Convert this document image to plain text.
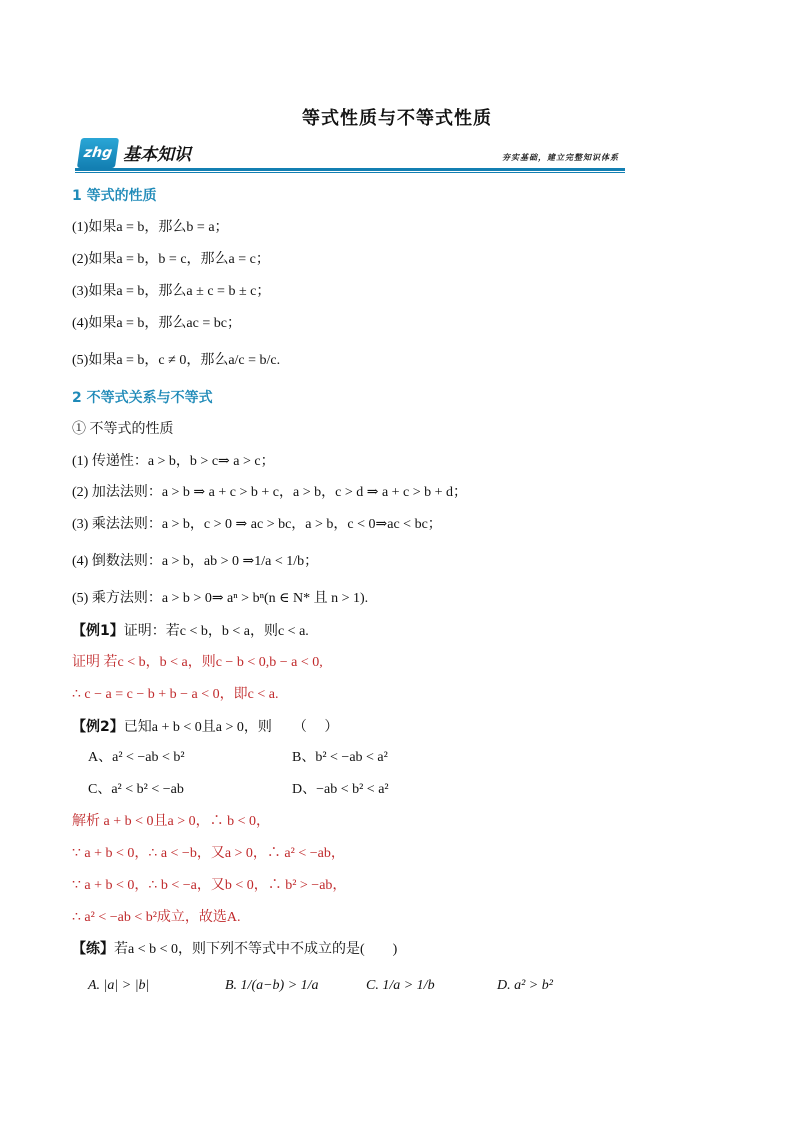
等式性质与不等式性质
zhg 基本知识	夯实基础，建立完整知识体系
1 等式的性质
(1)如果a = b，那么b = a；
(2)如果a = b，b = c，那么a = c；
(3)如果a = b，那么a ± c = b ± c；
(4)如果a = b，那么ac = bc；
(5)如果a = b，c ≠ 0，那么a/c = b/c.
2 不等式关系与不等式
① 不等式的性质
(1) 传递性：a > b，b > c⇒ a > c；
(2) 加法法则：a > b ⇒ a + c > b + c，a > b，c > d ⇒ a + c > b + d；
(3) 乘法法则：a > b，c > 0 ⇒ ac > bc，a > b，c < 0⇒ac < bc；
(4) 倒数法则：a > b，ab > 0 ⇒1/a < 1/b；
(5) 乘方法则：a > b > 0⇒ aⁿ > bⁿ(n ∈ N* 且 n > 1).
【例1】证明：若c < b，b < a，则c < a.
证明 若c < b，b < a，则c − b < 0,b − a < 0,
∴ c − a = c − b + b − a < 0，即c < a.
【例2】已知a + b < 0且a > 0，则　　（　 ）
A、a² < −ab < b²	B、b² < −ab < a²
C、a² < b² < −ab	D、−ab < b² < a²
解析 a + b < 0且a > 0，∴ b < 0，
∵ a + b < 0，∴ a < −b，又a > 0，∴ a² < −ab，
∵ a + b < 0，∴ b < −a，又b < 0，∴ b² > −ab，
∴ a² < −ab < b²成立，故选A.
【练】若a < b < 0，则下列不等式中不成立的是(　　)
A. |a| > |b|	B. 1/(a−b) > 1/a	C. 1/a > 1/b	D. a² > b²
